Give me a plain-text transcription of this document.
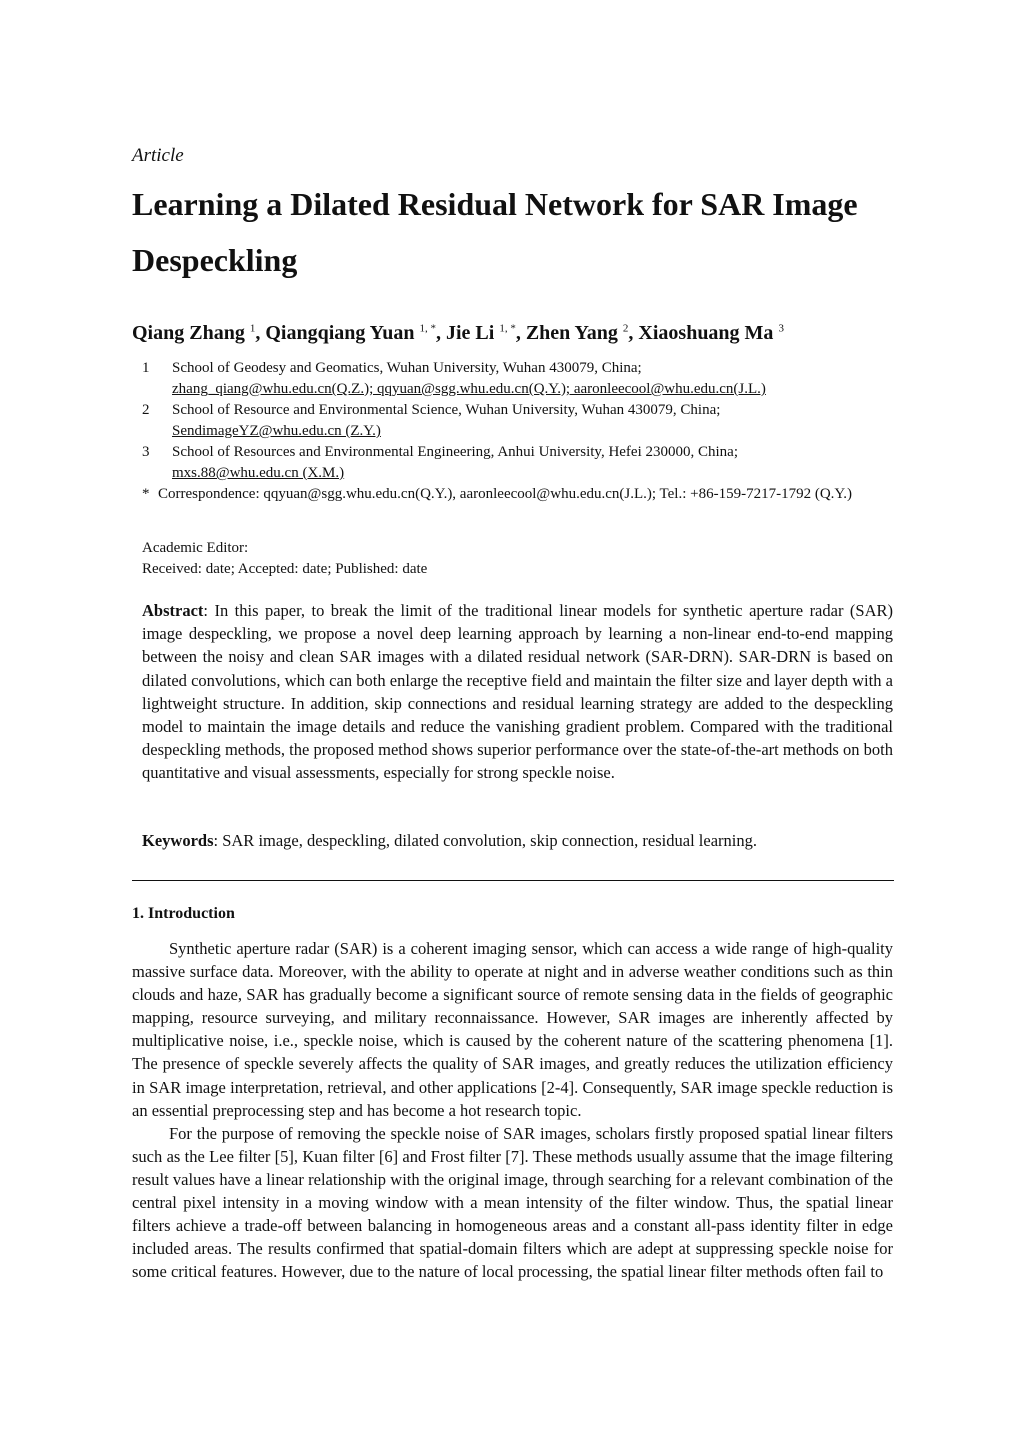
Article
Learning a Dilated Residual Network for SAR Image Despeckling
Qiang Zhang $^1$, Qiangqiang Yuan $^{1, *}$, Jie Li $^{1, *}$, Zhen Yang $^2$, Xiaoshuang Ma $^3$
1	School of Geodesy and Geomatics, Wuhan University, Wuhan 430079, China;
zhang_qiang@whu.edu.cn(Q.Z.); qqyuan@sgg.whu.edu.cn(Q.Y.); aaronleecool@whu.edu.cn(J.L.)
2	School of Resource and Environmental Science, Wuhan University, Wuhan 430079, China;
SendimageYZ@whu.edu.cn (Z.Y.)
3	School of Resources and Environmental Engineering, Anhui University, Hefei 230000, China;
mxs.88@whu.edu.cn (X.M.)
* Correspondence: qqyuan@sgg.whu.edu.cn(Q.Y.), aaronleecool@whu.edu.cn(J.L.); Tel.: +86-159-7217-1792 (Q.Y.)
Academic Editor:
Received: date; Accepted: date; Published: date

Abstract: In this paper, to break the limit of the traditional linear models for synthetic aperture radar (SAR) image despeckling, we propose a novel deep learning approach by learning a non-linear end-to-end mapping between the noisy and clean SAR images with a dilated residual network (SAR-DRN). SAR-DRN is based on dilated convolutions, which can both enlarge the receptive field and maintain the filter size and layer depth with a lightweight structure. In addition, skip connections and residual learning strategy are added to the despeckling model to maintain the image details and reduce the vanishing gradient problem. Compared with the traditional despeckling methods, the proposed method shows superior performance over the state-of-the-art methods on both quantitative and visual assessments, especially for strong speckle noise.

Keywords: SAR image, despeckling, dilated convolution, skip connection, residual learning.

1. Introduction

Synthetic aperture radar (SAR) is a coherent imaging sensor, which can access a wide range of high-quality massive surface data. Moreover, with the ability to operate at night and in adverse weather conditions such as thin clouds and haze, SAR has gradually become a significant source of remote sensing data in the fields of geographic mapping, resource surveying, and military reconnaissance. However, SAR images are inherently affected by multiplicative noise, i.e., speckle noise, which is caused by the coherent nature of the scattering phenomena [1]. The presence of speckle severely affects the quality of SAR images, and greatly reduces the utilization efficiency in SAR image interpretation, retrieval, and other applications [2-4]. Consequently, SAR image speckle reduction is an essential preprocessing step and has become a hot research topic.

For the purpose of removing the speckle noise of SAR images, scholars firstly proposed spatial linear filters such as the Lee filter [5], Kuan filter [6] and Frost filter [7]. These methods usually assume that the image filtering result values have a linear relationship with the original image, through searching for a relevant combination of the central pixel intensity in a moving window with a mean intensity of the filter window. Thus, the spatial linear filters achieve a trade-off between balancing in homogeneous areas and a constant all-pass identity filter in edge included areas. The results confirmed that spatial-domain filters which are adept at suppressing speckle noise for some critical features. However, due to the nature of local processing, the spatial linear filter methods often fail to
